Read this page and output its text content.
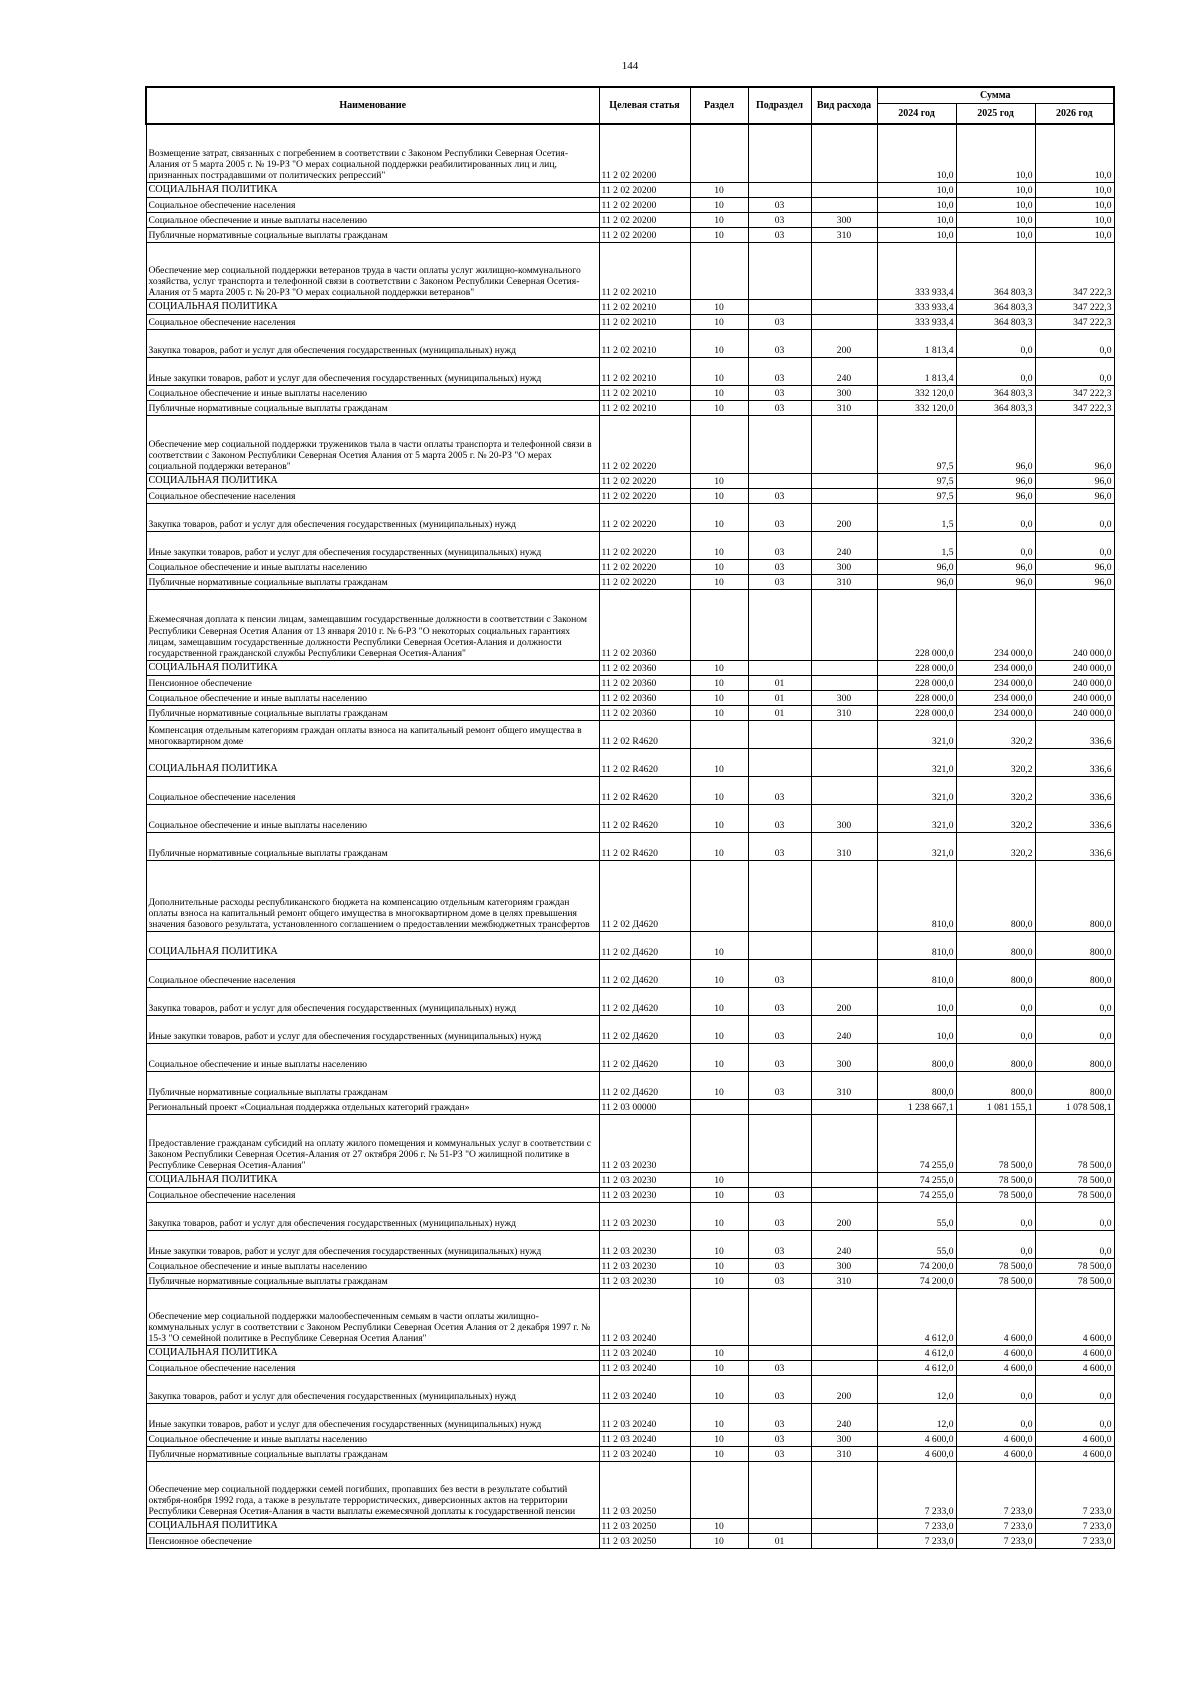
144
Наименование	Целевая статья	Раздел	Подраздел	Вид расхода	Сумма		
					2024 год	2025 год	2026 год
Возмещение затрат, связанных с погребением в соответствии с Законом Республики Северная Осетия-Алания от 5 марта 2005 г. № 19-РЗ "О мерах социальной поддержки реабилитированных лиц и лиц, признанных пострадавшими от политических репрессий"	11 2 02 20200				10,0	10,0	10,0
СОЦИАЛЬНАЯ ПОЛИТИКА	11 2 02 20200	10			10,0	10,0	10,0
Социальное обеспечение населения	11 2 02 20200	10	03		10,0	10,0	10,0
Социальное обеспечение и иные выплаты населению	11 2 02 20200	10	03	300	10,0	10,0	10,0
Публичные нормативные социальные выплаты гражданам	11 2 02 20200	10	03	310	10,0	10,0	10,0
Обеспечение мер социальной поддержки ветеранов труда в части оплаты услуг жилищно-коммунального хозяйства, услуг транспорта и телефонной связи в соответствии с Законом Республики Северная Осетия-Алания от 5 марта 2005 г. № 20-РЗ "О мерах социальной поддержки ветеранов"	11 2 02 20210				333 933,4	364 803,3	347 222,3
СОЦИАЛЬНАЯ ПОЛИТИКА	11 2 02 20210	10			333 933,4	364 803,3	347 222,3
Социальное обеспечение населения	11 2 02 20210	10	03		333 933,4	364 803,3	347 222,3
Закупка товаров, работ и услуг для обеспечения государственных (муниципальных) нужд	11 2 02 20210	10	03	200	1 813,4	0,0	0,0
Иные закупки товаров, работ и услуг для обеспечения государственных (муниципальных) нужд	11 2 02 20210	10	03	240	1 813,4	0,0	0,0
Социальное обеспечение и иные выплаты населению	11 2 02 20210	10	03	300	332 120,0	364 803,3	347 222,3
Публичные нормативные социальные выплаты гражданам	11 2 02 20210	10	03	310	332 120,0	364 803,3	347 222,3
Обеспечение мер социальной поддержки тружеников тыла в части оплаты транспорта и телефонной связи в соответствии с Законом Республики Северная Осетия Алания от 5 марта 2005 г. № 20-РЗ "О мерах социальной поддержки ветеранов"	11 2 02 20220				97,5	96,0	96,0
СОЦИАЛЬНАЯ ПОЛИТИКА	11 2 02 20220	10			97,5	96,0	96,0
Социальное обеспечение населения	11 2 02 20220	10	03		97,5	96,0	96,0
Закупка товаров, работ и услуг для обеспечения государственных (муниципальных) нужд	11 2 02 20220	10	03	200	1,5	0,0	0,0
Иные закупки товаров, работ и услуг для обеспечения государственных (муниципальных) нужд	11 2 02 20220	10	03	240	1,5	0,0	0,0
Социальное обеспечение и иные выплаты населению	11 2 02 20220	10	03	300	96,0	96,0	96,0
Публичные нормативные социальные выплаты гражданам	11 2 02 20220	10	03	310	96,0	96,0	96,0
Ежемесячная доплата к пенсии лицам, замещавшим государственные должности в соответствии с Законом Республики Северная Осетия Алания от 13 января 2010 г. № 6-РЗ "О некоторых социальных гарантиях лицам, замещавшим государственные должности Республики Северная Осетия-Алания и должности государственной гражданской службы Республики Северная Осетия-Алания"	11 2 02 20360				228 000,0	234 000,0	240 000,0
СОЦИАЛЬНАЯ ПОЛИТИКА	11 2 02 20360	10			228 000,0	234 000,0	240 000,0
Пенсионное обеспечение	11 2 02 20360	10	01		228 000,0	234 000,0	240 000,0
Социальное обеспечение и иные выплаты населению	11 2 02 20360	10	01	300	228 000,0	234 000,0	240 000,0
Публичные нормативные социальные выплаты гражданам	11 2 02 20360	10	01	310	228 000,0	234 000,0	240 000,0
Компенсация отдельным категориям граждан оплаты взноса на капитальный ремонт общего имущества в многоквартирном доме	11 2 02 R4620				321,0	320,2	336,6
СОЦИАЛЬНАЯ ПОЛИТИКА	11 2 02 R4620	10			321,0	320,2	336,6
Социальное обеспечение населения	11 2 02 R4620	10	03		321,0	320,2	336,6
Социальное обеспечение и иные выплаты населению	11 2 02 R4620	10	03	300	321,0	320,2	336,6
Публичные нормативные социальные выплаты гражданам	11 2 02 R4620	10	03	310	321,0	320,2	336,6
Дополнительные расходы республиканского бюджета на компенсацию отдельным категориям граждан оплаты взноса на капитальный ремонт общего имущества в многоквартирном доме в целях превышения значения базового результата, установленного соглашением о предоставлении межбюджетных трансфертов	11 2 02 Д4620				810,0	800,0	800,0
СОЦИАЛЬНАЯ ПОЛИТИКА	11 2 02 Д4620	10			810,0	800,0	800,0
Социальное обеспечение населения	11 2 02 Д4620	10	03		810,0	800,0	800,0
Закупка товаров, работ и услуг для обеспечения государственных (муниципальных) нужд	11 2 02 Д4620	10	03	200	10,0	0,0	0,0
Иные закупки товаров, работ и услуг для обеспечения государственных (муниципальных) нужд	11 2 02 Д4620	10	03	240	10,0	0,0	0,0
Социальное обеспечение и иные выплаты населению	11 2 02 Д4620	10	03	300	800,0	800,0	800,0
Публичные нормативные социальные выплаты гражданам	11 2 02 Д4620	10	03	310	800,0	800,0	800,0
Региональный проект «Социальная поддержка отдельных категорий граждан»	11 2 03 00000				1 238 667,1	1 081 155,1	1 078 508,1
Предоставление гражданам субсидий на оплату жилого помещения и коммунальных услуг в соответствии с Законом Республики Северная Осетия-Алания от 27 октября 2006 г. № 51-РЗ "О жилищной политике в Республике Северная Осетия-Алания"	11 2 03 20230				74 255,0	78 500,0	78 500,0
СОЦИАЛЬНАЯ ПОЛИТИКА	11 2 03 20230	10			74 255,0	78 500,0	78 500,0
Социальное обеспечение населения	11 2 03 20230	10	03		74 255,0	78 500,0	78 500,0
Закупка товаров, работ и услуг для обеспечения государственных (муниципальных) нужд	11 2 03 20230	10	03	200	55,0	0,0	0,0
Иные закупки товаров, работ и услуг для обеспечения государственных (муниципальных) нужд	11 2 03 20230	10	03	240	55,0	0,0	0,0
Социальное обеспечение и иные выплаты населению	11 2 03 20230	10	03	300	74 200,0	78 500,0	78 500,0
Публичные нормативные социальные выплаты гражданам	11 2 03 20230	10	03	310	74 200,0	78 500,0	78 500,0
Обеспечение мер социальной поддержки малообеспеченным семьям в части оплаты жилищно-коммунальных услуг в соответствии с Законом Республики Северная Осетия Алания от 2 декабря 1997 г. № 15-З "О семейной политике в Республике Северная Осетия Алания"	11 2 03 20240				4 612,0	4 600,0	4 600,0
СОЦИАЛЬНАЯ ПОЛИТИКА	11 2 03 20240	10			4 612,0	4 600,0	4 600,0
Социальное обеспечение населения	11 2 03 20240	10	03		4 612,0	4 600,0	4 600,0
Закупка товаров, работ и услуг для обеспечения государственных (муниципальных) нужд	11 2 03 20240	10	03	200	12,0	0,0	0,0
Иные закупки товаров, работ и услуг для обеспечения государственных (муниципальных) нужд	11 2 03 20240	10	03	240	12,0	0,0	0,0
Социальное обеспечение и иные выплаты населению	11 2 03 20240	10	03	300	4 600,0	4 600,0	4 600,0
Публичные нормативные социальные выплаты гражданам	11 2 03 20240	10	03	310	4 600,0	4 600,0	4 600,0
Обеспечение мер социальной поддержки семей погибших, пропавших без вести в результате событий октября-ноября 1992 года, а также в результате террористических, диверсионных актов на территории Республики Северная Осетия-Алания в части выплаты ежемесячной доплаты к государственной пенсии	11 2 03 20250				7 233,0	7 233,0	7 233,0
СОЦИАЛЬНАЯ ПОЛИТИКА	11 2 03 20250	10			7 233,0	7 233,0	7 233,0
Пенсионное обеспечение	11 2 03 20250	10	01		7 233,0	7 233,0	7 233,0
